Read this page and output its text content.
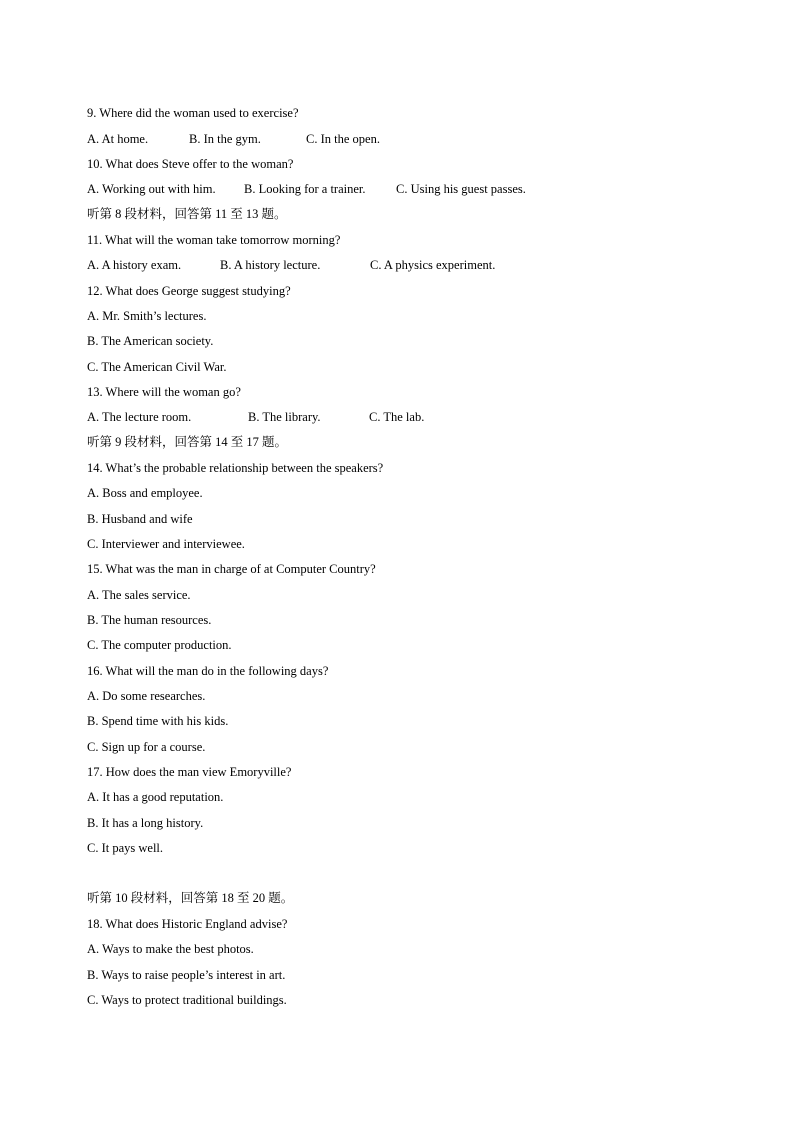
9. Where did the woman used to exercise?
A. At home.	B. In the gym.	C. In the open.
10. What does Steve offer to the woman?
A. Working out with him. B. Looking for a trainer. C. Using his guest passes.
听第 8 段材料，回答第 11 至 13 题。
11. What will the woman take tomorrow morning?
A. A history exam.	B. A history lecture.	C. A physics experiment.
12. What does George suggest studying?
A. Mr. Smith’s lectures.
B. The American society.
C. The American Civil War.
13. Where will the woman go?
A. The lecture room.	B. The library.	C. The lab.
听第 9 段材料，回答第 14 至 17 题。
14. What’s the probable relationship between the speakers?
A. Boss and employee.
B. Husband and wife
C. Interviewer and interviewee.
15. What was the man in charge of at Computer Country?
A. The sales service.
B. The human resources.
C. The computer production.
16. What will the man do in the following days?
A. Do some researches.
B. Spend time with his kids.
C. Sign up for a course.
17. How does the man view Emoryville?
A. It has a good reputation.
B. It has a long history.
C. It pays well.
听第 10 段材料，回答第 18 至 20 题。
18. What does Historic England advise?
A. Ways to make the best photos.
B. Ways to raise people’s interest in art.
C. Ways to protect traditional buildings.
